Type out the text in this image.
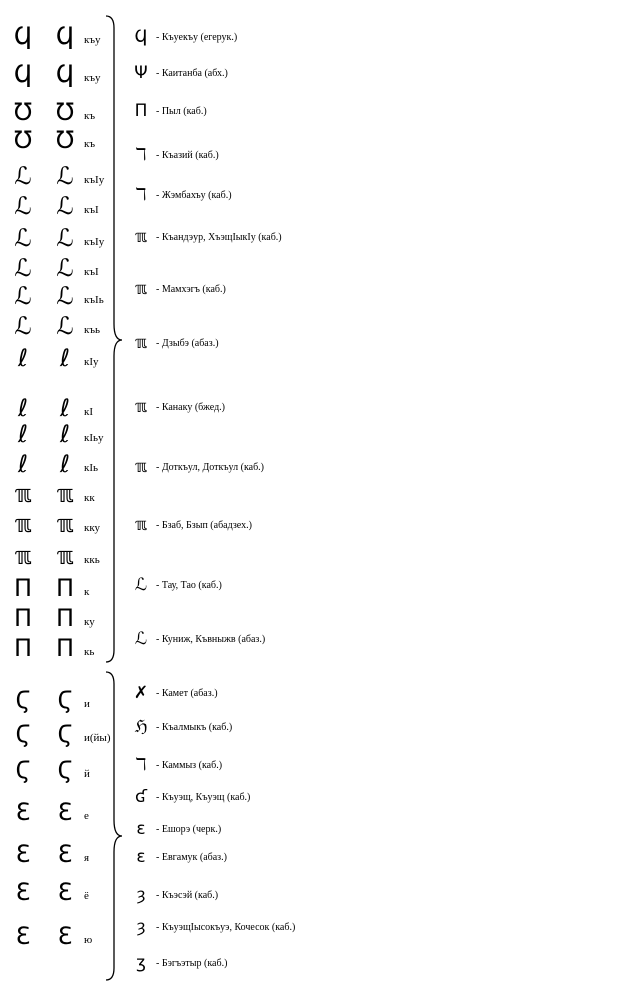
Ϥ Ϥ къу
Ϥ Ϥ къу
Ʊ Ʊ къ
Ʊ Ʊ къ
ℒ ℒ къIу
ℒ ℒ къI
ℒ ℒ къIу
ℒ ℒ къI
ℒ ℒ къIь
ℒ ℒ къь
ℓ	ℓ	кIу
ℓ	ℓ	кI
ℓ	ℓ	кIьу
ℓ	ℓ	кIь
ℼ ℼ кк
ℼ ℼ кку
ℼ ℼ ккь
Π Π к
Π Π ку
Π Π кь
Ϥ - Къуекъу (егерук.)
Ψ - Каитанба (абх.)
Π - Пыл (каб.)
ℸ - Къазий (каб.)
ℸ - Жэмбахъу (каб.)
ℼ - Къандэур, ХъэщIыкIу (каб.)
ℼ - Мамхэгъ (каб.)
ℼ - Дзыбэ (абаз.)
ℼ - Канаку (бжед.)
ℼ - Доткъул, Доткъул (каб.)
ℼ - Бзаб, Бзып (абадзех.)
ℒ - Тау, Тао (каб.)
ℒ - Куниж, Къвныжв (абаз.)
Ϛ	Ϛ	и
Ϛ	Ϛ	и(йы)
Ϛ	Ϛ	й
Ɛ	Ɛ	е
Ɛ	Ɛ	я
Ɛ	Ɛ	ё
Ɛ	Ɛ	ю
✗ - Камет (абаз.)
ℌ - Къалмыкъ (каб.)
ℸ - Каммыз (каб.)
ʛ - Къуэщ, Къуэщ (каб.)
ε	- Ешорэ (черк.)
ε	- Евгамук (абаз.)
ȝ	- Къэсэй (каб.)
ȝ	- КъуэщIысокъуэ, Кочесок (каб.)
ʒ	- Бэгъэтыр (каб.)
